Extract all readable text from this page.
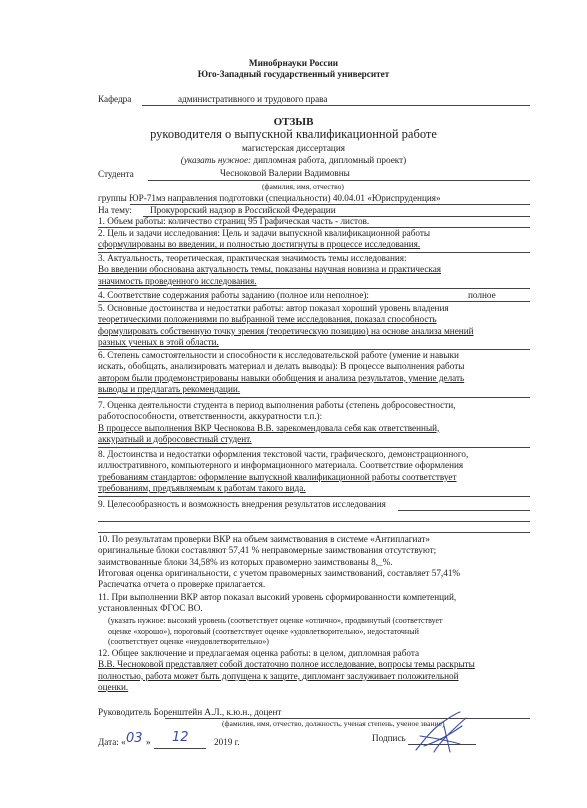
Минобрнауки России
Юго-Западный государственный университет
Кафедра	административного и трудового права
ОТЗЫВ
руководителя о выпускной квалификационной работе
магистерская диссертация
(указать нужное: дипломная работа, дипломный проект)
Студента	Чесноковой Валерии Вадимовны
(фамилия, имя, отчество)
группы ЮР-71мз направления подготовки (специальности) 40.04.01 «Юриспруденция»
На тему: Прокурорский надзор в Российской Федерации
1. Объем работы: количество страниц 95 Графическая часть - листов.
2. Цель и задачи исследования: Цель и задачи выпускной квалификационной работы
сформулированы во введении, и полностью достигнуты в процессе исследования.
3. Актуальность, теоретическая, практическая значимость темы исследования:
Во введении обоснована актуальность темы, показаны научная новизна и практическая
значимость проведенного исследования.
4. Соответствие содержания работы заданию (полное или неполное):	полное
5. Основные достоинства и недостатки работы: автор показал хороший уровень владения
теоретическими положениями по выбранной теме исследования, показал способность
формулировать собственную точку зрения (теоретическую позицию) на основе анализа мнений
разных ученых в этой области.
6. Степень самостоятельности и способности к исследовательской работе (умение и навыки
искать, обобщать, анализировать материал и делать выводы): В процессе выполнения работы
автором были продемонстрированы навыки обобщения и анализа результатов, умение делать
выводы и предлагать рекомендации.
7. Оценка деятельности студента в период выполнения работы (степень добросовестности,
работоспособности, ответственности, аккуратности т.п.):
В процессе выполнения ВКР Чеснокова В.В. зарекомендовала себя как ответственный,
аккуратный и добросовестный студент.
8. Достоинства и недостатки оформления текстовой части, графического, демонстрационного,
иллюстративного, компьютерного и информационного материала. Соответствие оформления
требованиям стандартов: оформление выпускной квалификационной работы соответствует
требованиям, предъявляемым к работам такого вида.
9. Целесообразность и возможность внедрения результатов исследования
10. По результатам проверки ВКР на объем заимствования в системе «Антиплагиат»
оригинальные блоки составляют 57,41 % неправомерные заимствования отсутствуют;
заимствованные блоки 34,58% из которых правомерно заимствованы 8,_%.
Итоговая оценка оригинальности, с учетом правомерных заимствований, составляет 57,41%
Распечатка отчета о проверке прилагается.
11. При выполнении ВКР автор показал высокий уровень сформированности компетенций,
установленных ФГОС ВО.
(указать нужное: высокий уровень (соответствует оценке «отлично», продвинутый (соответствует
оценке «хорошо»), пороговый (соответствует оценке «удовлетворительно», недостаточный
(соответствует оценке «неудовлетворительно»)
12. Общее заключение и предлагаемая оценка работы: в целом, дипломная работа
В.В. Чесноковой представляет собой достаточно полное исследование, вопросы темы раскрыты
полностью, работа может быть допущена к защите, дипломант заслуживает положительной
оценки.
Руководитель Боренштейн А.Л., к.ю.н., доцент
(фамилия, имя, отчество, должность, ученая степень, ученое звание)
Дата: « 03 » 12	2019 г.	Подпись
